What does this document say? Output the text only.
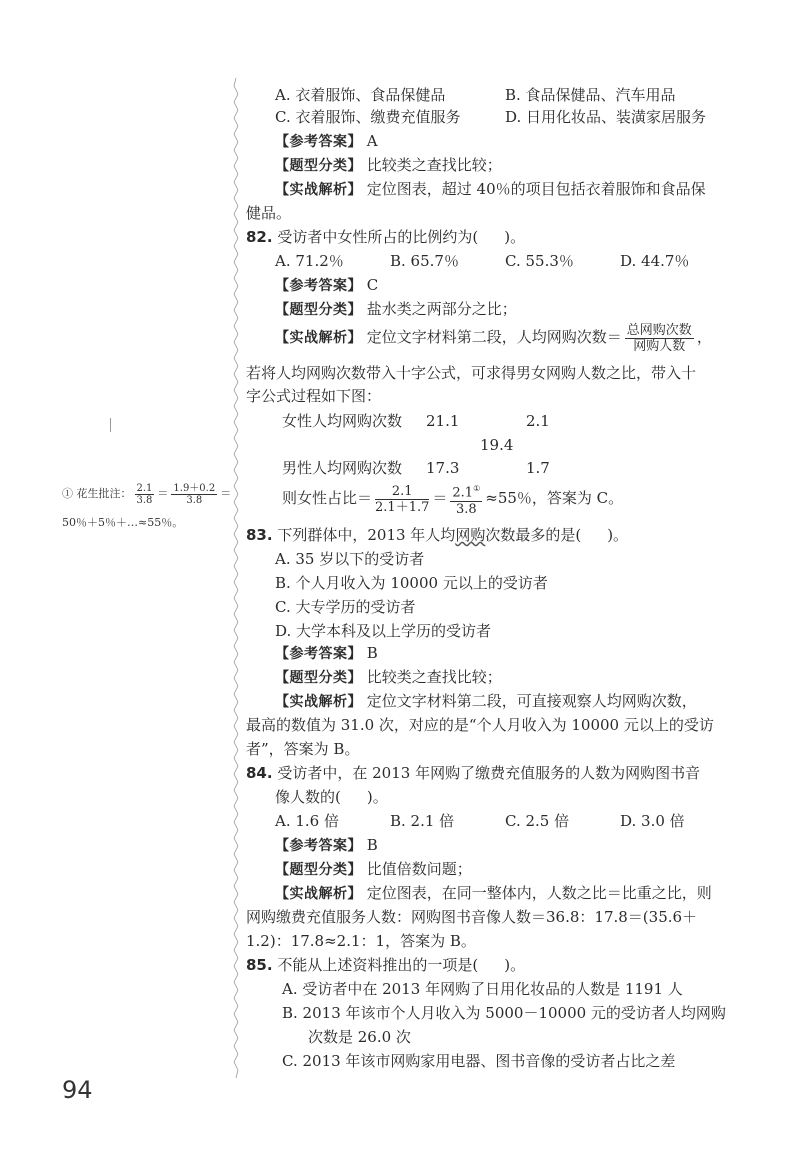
A. 衣着服饰、食品保健品	B. 食品保健品、汽车用品
C. 衣着服饰、缴费充值服务	D. 日用化妆品、装潢家居服务
【参考答案】 A
【题型分类】 比较类之查找比较；
【实战解析】 定位图表，超过 40％的项目包括衣着服饰和食品保
健品。
82. 受访者中女性所占的比例约为( )。
A. 71.2％	B. 65.7％	C. 55.3％	D. 44.7％
【参考答案】 C
【题型分类】 盐水类之两部分之比；
【实战解析】 定位文字材料第二段，人均网购次数＝ $\frac{\text{总网购次数}}{\text{网购人数}}$ ，
若将人均网购次数带入十字公式，可求得男女网购人数之比，带入十
字公式过程如下图：
女性人均网购次数 21.1	2.1
19.4
男性人均网购次数 17.3	1.7
则女性占比＝ $\frac{2.1}{2.1+1.7} = \frac{2.1^①}{3.8} \approx 55$％，答案为 C。
① 花生批注： $\frac{2.1}{3.8} = \frac{1.9+0.2}{3.8}$ ＝
50％＋5％＋…≈55％。
83. 下列群体中，2013 年人均网购次数最多的是( )。
A. 35 岁以下的受访者
B. 个人月收入为 10000 元以上的受访者
C. 大专学历的受访者
D. 大学本科及以上学历的受访者
【参考答案】 B
【题型分类】 比较类之查找比较；
【实战解析】 定位文字材料第二段，可直接观察人均网购次数，
最高的数值为 31.0 次，对应的是“个人月收入为 10000 元以上的受访
者”，答案为 B。
84. 受访者中，在 2013 年网购了缴费充值服务的人数为网购图书音
像人数的( )。
A. 1.6 倍	B. 2.1 倍	C. 2.5 倍	D. 3.0 倍
【参考答案】 B
【题型分类】 比值倍数问题；
【实战解析】 定位图表，在同一整体内，人数之比＝比重之比，则
网购缴费充值服务人数：网购图书音像人数＝36.8：17.8＝(35.6＋
1.2)：17.8≈2.1：1，答案为 B。
85. 不能从上述资料推出的一项是( )。
A. 受访者中在 2013 年网购了日用化妆品的人数是 1191 人
B. 2013 年该市个人月收入为 5000－10000 元的受访者人均网购
次数是 26.0 次
C. 2013 年该市网购家用电器、图书音像的受访者占比之差
94
